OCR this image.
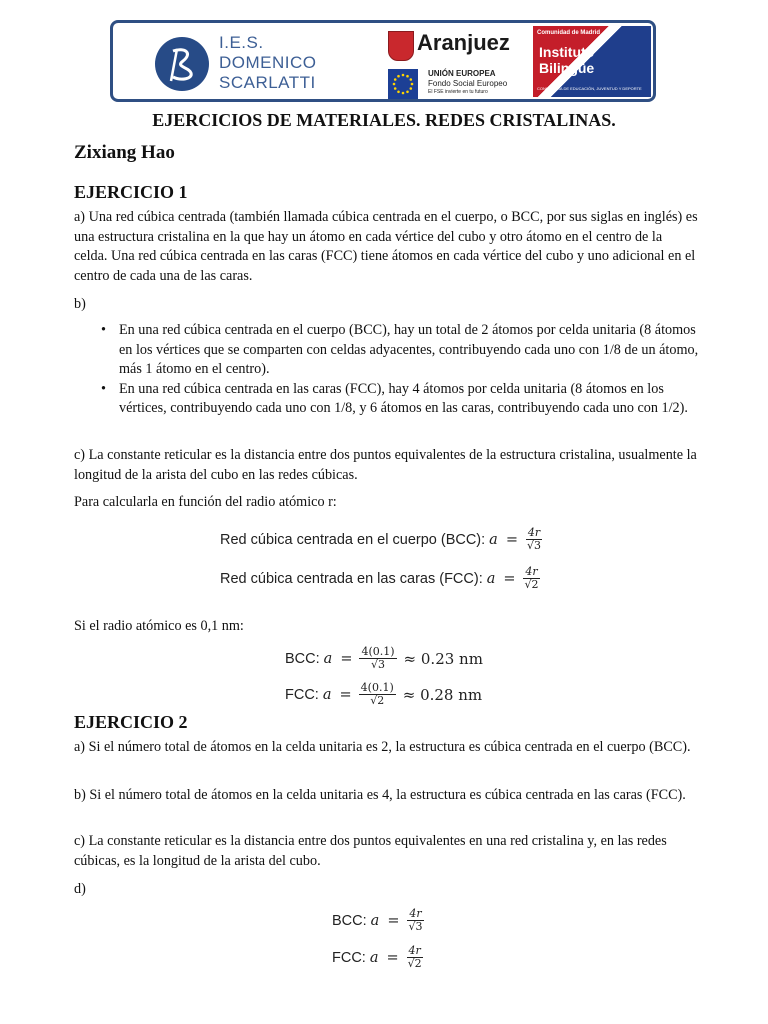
I.E.S.
DOMENICO
SCARLATTI
Aranjuez
UNIÓN EUROPEA
Fondo Social Europeo
El FSE invierte en tu futuro
Comunidad de Madrid
Instituto
Bilingüe
CONSEJERÍA DE EDUCACIÓN, JUVENTUD Y DEPORTE
EJERCICIOS DE MATERIALES. REDES CRISTALINAS.
Zixiang Hao
EJERCICIO 1
a) Una red cúbica centrada (también llamada cúbica centrada en el cuerpo, o BCC, por sus siglas en inglés) es una estructura cristalina en la que hay un átomo en cada vértice del cubo y otro átomo en el centro de la celda. Una red cúbica centrada en las caras (FCC) tiene átomos en cada vértice del cubo y uno adicional en el centro de cada una de las caras.
b)
• En una red cúbica centrada en el cuerpo (BCC), hay un total de 2 átomos por celda unitaria (8 átomos en los vértices que se comparten con celdas adyacentes, contribuyendo cada uno con 1/8 de un átomo, más 1 átomo en el centro).
• En una red cúbica centrada en las caras (FCC), hay 4 átomos por celda unitaria (8 átomos en los vértices, contribuyendo cada uno con 1/8, y 6 átomos en las caras, contribuyendo cada uno con 1/2).
c) La constante reticular es la distancia entre dos puntos equivalentes de la estructura cristalina, usualmente la longitud de la arista del cubo en las redes cúbicas.
Para calcularla en función del radio atómico r:
Red cúbica centrada en el cuerpo (BCC): $a = \frac{4r}{√3}$
Red cúbica centrada en las caras (FCC): $a = \frac{4r}{√2}$
Si el radio atómico es 0,1 nm:
BCC: $a = \frac{4(0.1)}{√3} \approx 0.23$ nm
FCC: $a = \frac{4(0.1)}{√2} \approx 0.28$ nm
EJERCICIO 2
a) Si el número total de átomos en la celda unitaria es 2, la estructura es cúbica centrada en el cuerpo (BCC).
b) Si el número total de átomos en la celda unitaria es 4, la estructura es cúbica centrada en las caras (FCC).
c) La constante reticular es la distancia entre dos puntos equivalentes en una red cristalina y, en las redes cúbicas, es la longitud de la arista del cubo.
d)
BCC: $a = \frac{4r}{√3}$
FCC: $a = \frac{4r}{√2}$
